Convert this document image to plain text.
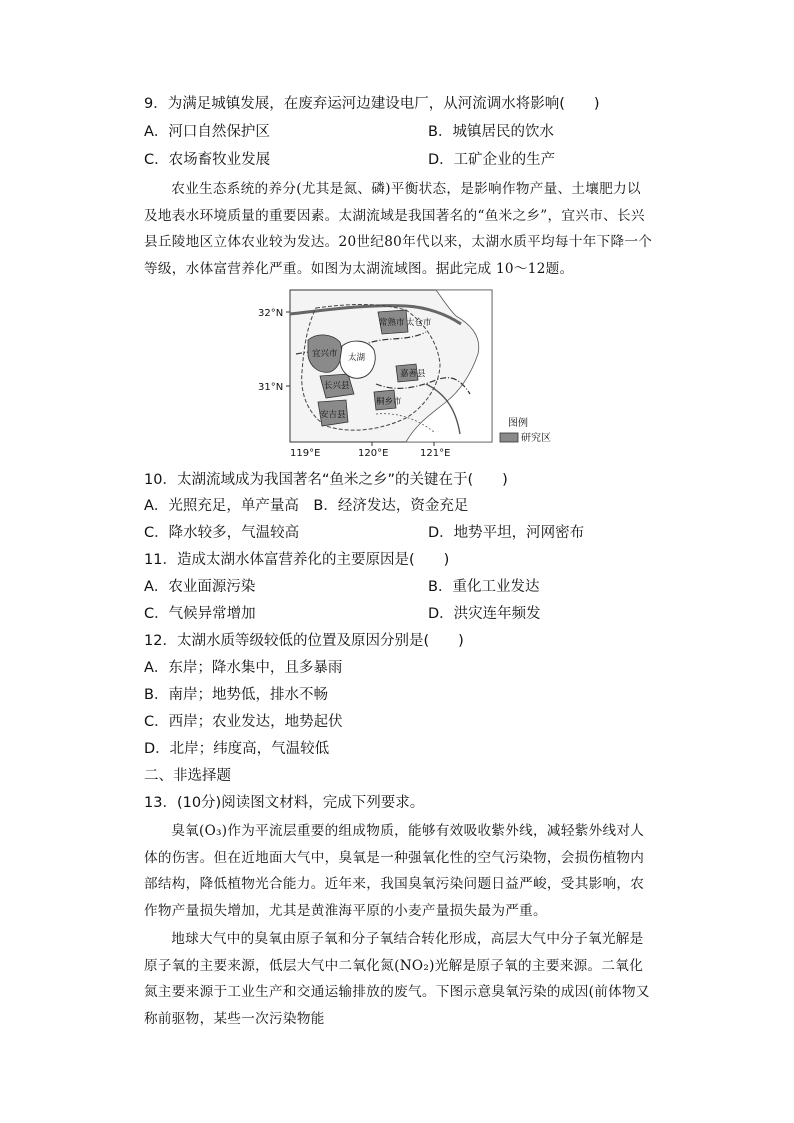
9．为满足城镇发展，在废弃运河边建设电厂，从河流调水将影响(　　)
A．河口自然保护区	B．城镇居民的饮水
C．农场畜牧业发展	D．工矿企业的生产

农业生态系统的养分(尤其是氮、磷)平衡状态，是影响作物产量、土壤肥力以及地表水环境质量的重要因素。太湖流域是我国著名的“鱼米之乡”，宜兴市、长兴县丘陵地区立体农业较为发达。20世纪80年代以来，太湖水质平均每十年下降一个等级，水体富营养化严重。如图为太湖流域图。据此完成 10～12题。

常熟市 太仓市
宜兴市 太湖
长兴县
嘉善县
桐乡市
安吉县
32°N
31°N
119°E	120°E	121°E
图例
研究区
10．太湖流域成为我国著名“鱼米之乡”的关键在于(　　)
A．光照充足，单产量高　B．经济发达，资金充足
C．降水较多，气温较高	D．地势平坦，河网密布
11．造成太湖水体富营养化的主要原因是(　　)
A．农业面源污染	B．重化工业发达
C．气候异常增加	D．洪灾连年频发
12．太湖水质等级较低的位置及原因分别是(　　)
A．东岸；降水集中，且多暴雨
B．南岸；地势低，排水不畅
C．西岸；农业发达，地势起伏
D．北岸；纬度高，气温较低
二、非选择题
13．(10分)阅读图文材料，完成下列要求。

臭氧(O₃)作为平流层重要的组成物质，能够有效吸收紫外线，减轻紫外线对人体的伤害。但在近地面大气中，臭氧是一种强氧化性的空气污染物，会损伤植物内部结构，降低植物光合能力。近年来，我国臭氧污染问题日益严峻，受其影响，农作物产量损失增加，尤其是黄淮海平原的小麦产量损失最为严重。

地球大气中的臭氧由原子氧和分子氧结合转化形成，高层大气中分子氧光解是原子氧的主要来源，低层大气中二氧化氮(NO₂)光解是原子氧的主要来源。二氧化氮主要来源于工业生产和交通运输排放的废气。下图示意臭氧污染的成因(前体物又称前驱物，某些一次污染物能
